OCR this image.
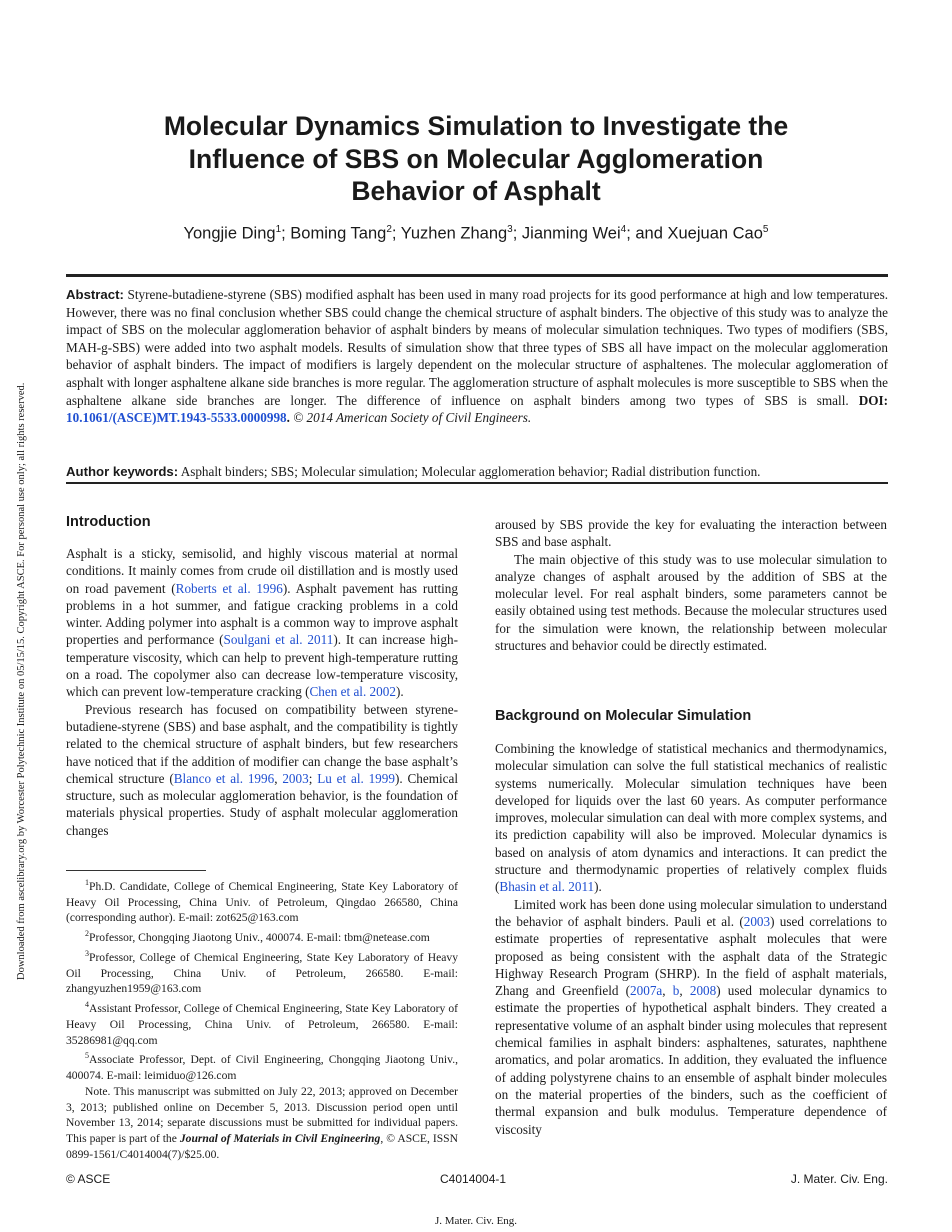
Downloaded from ascelibrary.org by Worcester Polytechnic Institute on 05/15/15. Copyright ASCE. For personal use only; all rights reserved.
Molecular Dynamics Simulation to Investigate the
Influence of SBS on Molecular Agglomeration
Behavior of Asphalt
Yongjie Ding$^1$; Boming Tang$^2$; Yuzhen Zhang$^3$; Jianming Wei$^4$; and Xuejuan Cao$^5$
Abstract: Styrene-butadiene-styrene (SBS) modified asphalt has been used in many road projects for its good performance at high and low temperatures. However, there was no final conclusion whether SBS could change the chemical structure of asphalt binders. The objective of this study was to analyze the impact of SBS on the molecular agglomeration behavior of asphalt binders by means of molecular simulation techniques. Two types of modifiers (SBS, MAH-g-SBS) were added into two asphalt models. Results of simulation show that three types of SBS all have impact on the molecular agglomeration behavior of asphalt binders. The impact of modifiers is largely dependent on the molecular structure of asphaltenes. The molecular agglomeration of asphalt with longer asphaltene alkane side branches is more regular. The agglomeration structure of asphalt molecules is more susceptible to SBS when the asphaltene alkane side branches are longer. The difference of influence on asphalt binders among two types of SBS is small. DOI: 10.1061/(ASCE)MT.1943-5533.0000998. © 2014 American Society of Civil Engineers.
Author keywords: Asphalt binders; SBS; Molecular simulation; Molecular agglomeration behavior; Radial distribution function.
Introduction

Asphalt is a sticky, semisolid, and highly viscous material at normal conditions. It mainly comes from crude oil distillation and is mostly used on road pavement (Roberts et al. 1996). Asphalt pavement has rutting problems in a hot summer, and fatigue cracking problems in a cold winter. Adding polymer into asphalt is a common way to improve asphalt properties and performance (Soulgani et al. 2011). It can increase high-temperature viscosity, which can help to prevent high-temperature rutting on a road. The copolymer also can decrease low-temperature viscosity, which can prevent low-temperature cracking (Chen et al. 2002).

Previous research has focused on compatibility between styrene-butadiene-styrene (SBS) and base asphalt, and the compatibility is tightly related to the chemical structure of asphalt binders, but few researchers have noticed that if the addition of modifier can change the base asphalt’s chemical structure (Blanco et al. 1996, 2003; Lu et al. 1999). Chemical structure, such as molecular agglomeration behavior, is the foundation of materials physical properties. Study of asphalt molecular agglomeration changes

$^1$Ph.D. Candidate, College of Chemical Engineering, State Key Laboratory of Heavy Oil Processing, China Univ. of Petroleum, Qingdao 266580, China (corresponding author). E-mail: zot625@163.com

$^2$Professor, Chongqing Jiaotong Univ., 400074. E-mail: tbm@netease.com

$^3$Professor, College of Chemical Engineering, State Key Laboratory of Heavy Oil Processing, China Univ. of Petroleum, 266580. E-mail: zhangyuzhen1959@163.com

$^4$Assistant Professor, College of Chemical Engineering, State Key Laboratory of Heavy Oil Processing, China Univ. of Petroleum, 266580. E-mail: 35286981@qq.com

$^5$Associate Professor, Dept. of Civil Engineering, Chongqing Jiaotong Univ., 400074. E-mail: leimiduo@126.com

Note. This manuscript was submitted on July 22, 2013; approved on December 3, 2013; published online on December 5, 2013. Discussion period open until November 13, 2014; separate discussions must be submitted for individual papers. This paper is part of the Journal of Materials in Civil Engineering, © ASCE, ISSN 0899-1561/C4014004(7)/$25.00.

aroused by SBS provide the key for evaluating the interaction between SBS and base asphalt.

The main objective of this study was to use molecular simulation to analyze changes of asphalt aroused by the addition of SBS at the molecular level. For real asphalt binders, some parameters cannot be easily obtained using test methods. Because the molecular structures used for the simulation were known, the relationship between molecular structures and behavior could be directly estimated.

Background on Molecular Simulation

Combining the knowledge of statistical mechanics and thermodynamics, molecular simulation can solve the full statistical mechanics of realistic systems numerically. Molecular simulation techniques have been developed for liquids over the last 60 years. As computer performance improves, molecular simulation can deal with more complex systems, and its prediction capability will also be improved. Molecular dynamics is based on analysis of atom dynamics and interactions. It can predict the structure and thermodynamic properties of relatively complex fluids (Bhasin et al. 2011).

Limited work has been done using molecular simulation to understand the behavior of asphalt binders. Pauli et al. (2003) used correlations to estimate properties of representative asphalt molecules that were proposed as being consistent with the asphalt data of the Strategic Highway Research Program (SHRP). In the field of asphalt materials, Zhang and Greenfield (2007a, b, 2008) used molecular dynamics to estimate the properties of hypothetical asphalt binders. They created a representative volume of an asphalt binder using molecules that represent chemical families in asphalt binders: asphaltenes, saturates, naphthene aromatics, and polar aromatics. In addition, they evaluated the influence of adding polystyrene chains to an ensemble of asphalt binder molecules on the material properties of the binders, such as the coefficient of thermal expansion and bulk modulus. Temperature dependence of viscosity

© ASCE	C4014004-1	J. Mater. Civ. Eng.
J. Mater. Civ. Eng.
